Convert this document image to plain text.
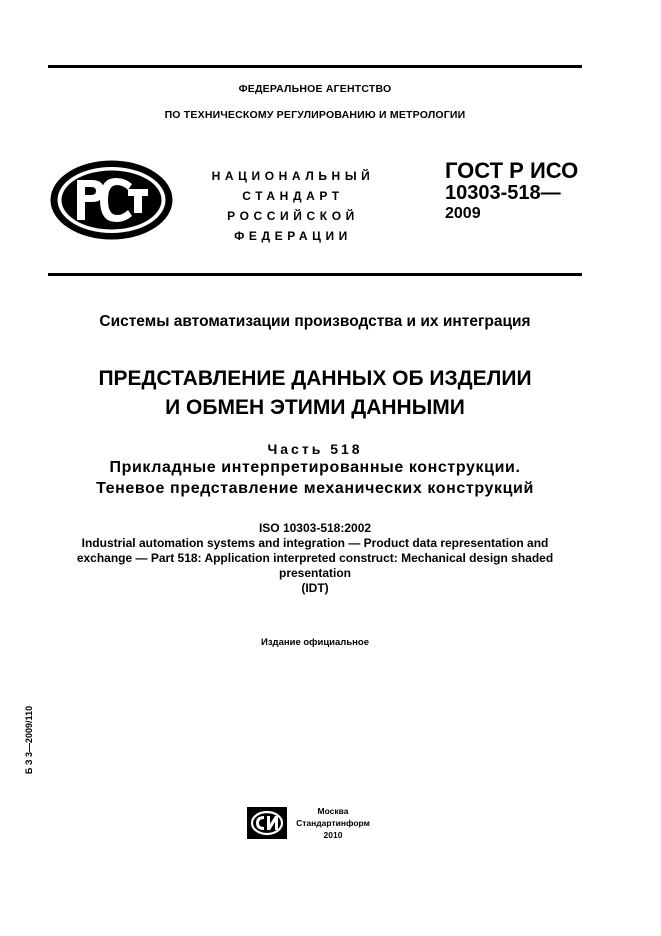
ФЕДЕРАЛЬНОЕ АГЕНТСТВО
ПО ТЕХНИЧЕСКОМУ РЕГУЛИРОВАНИЮ И МЕТРОЛОГИИ
НАЦИОНАЛЬНЫЙ
СТАНДАРТ
РОССИЙСКОЙ
ФЕДЕРАЦИИ
ГОСТ Р ИСО
10303-518—
2009
Системы автоматизации производства и их интеграция
ПРЕДСТАВЛЕНИЕ ДАННЫХ ОБ ИЗДЕЛИИ
И ОБМЕН ЭТИМИ ДАННЫМИ
Часть 518
Прикладные интерпретированные конструкции.
Теневое представление механических конструкций
ISO 10303-518:2002
Industrial automation systems and integration — Product data representation and
exchange — Part 518: Application interpreted construct: Mechanical design shaded
presentation
(IDT)
Издание официальное
Б З 3—2009/110
Москва
Стандартинформ
2010
